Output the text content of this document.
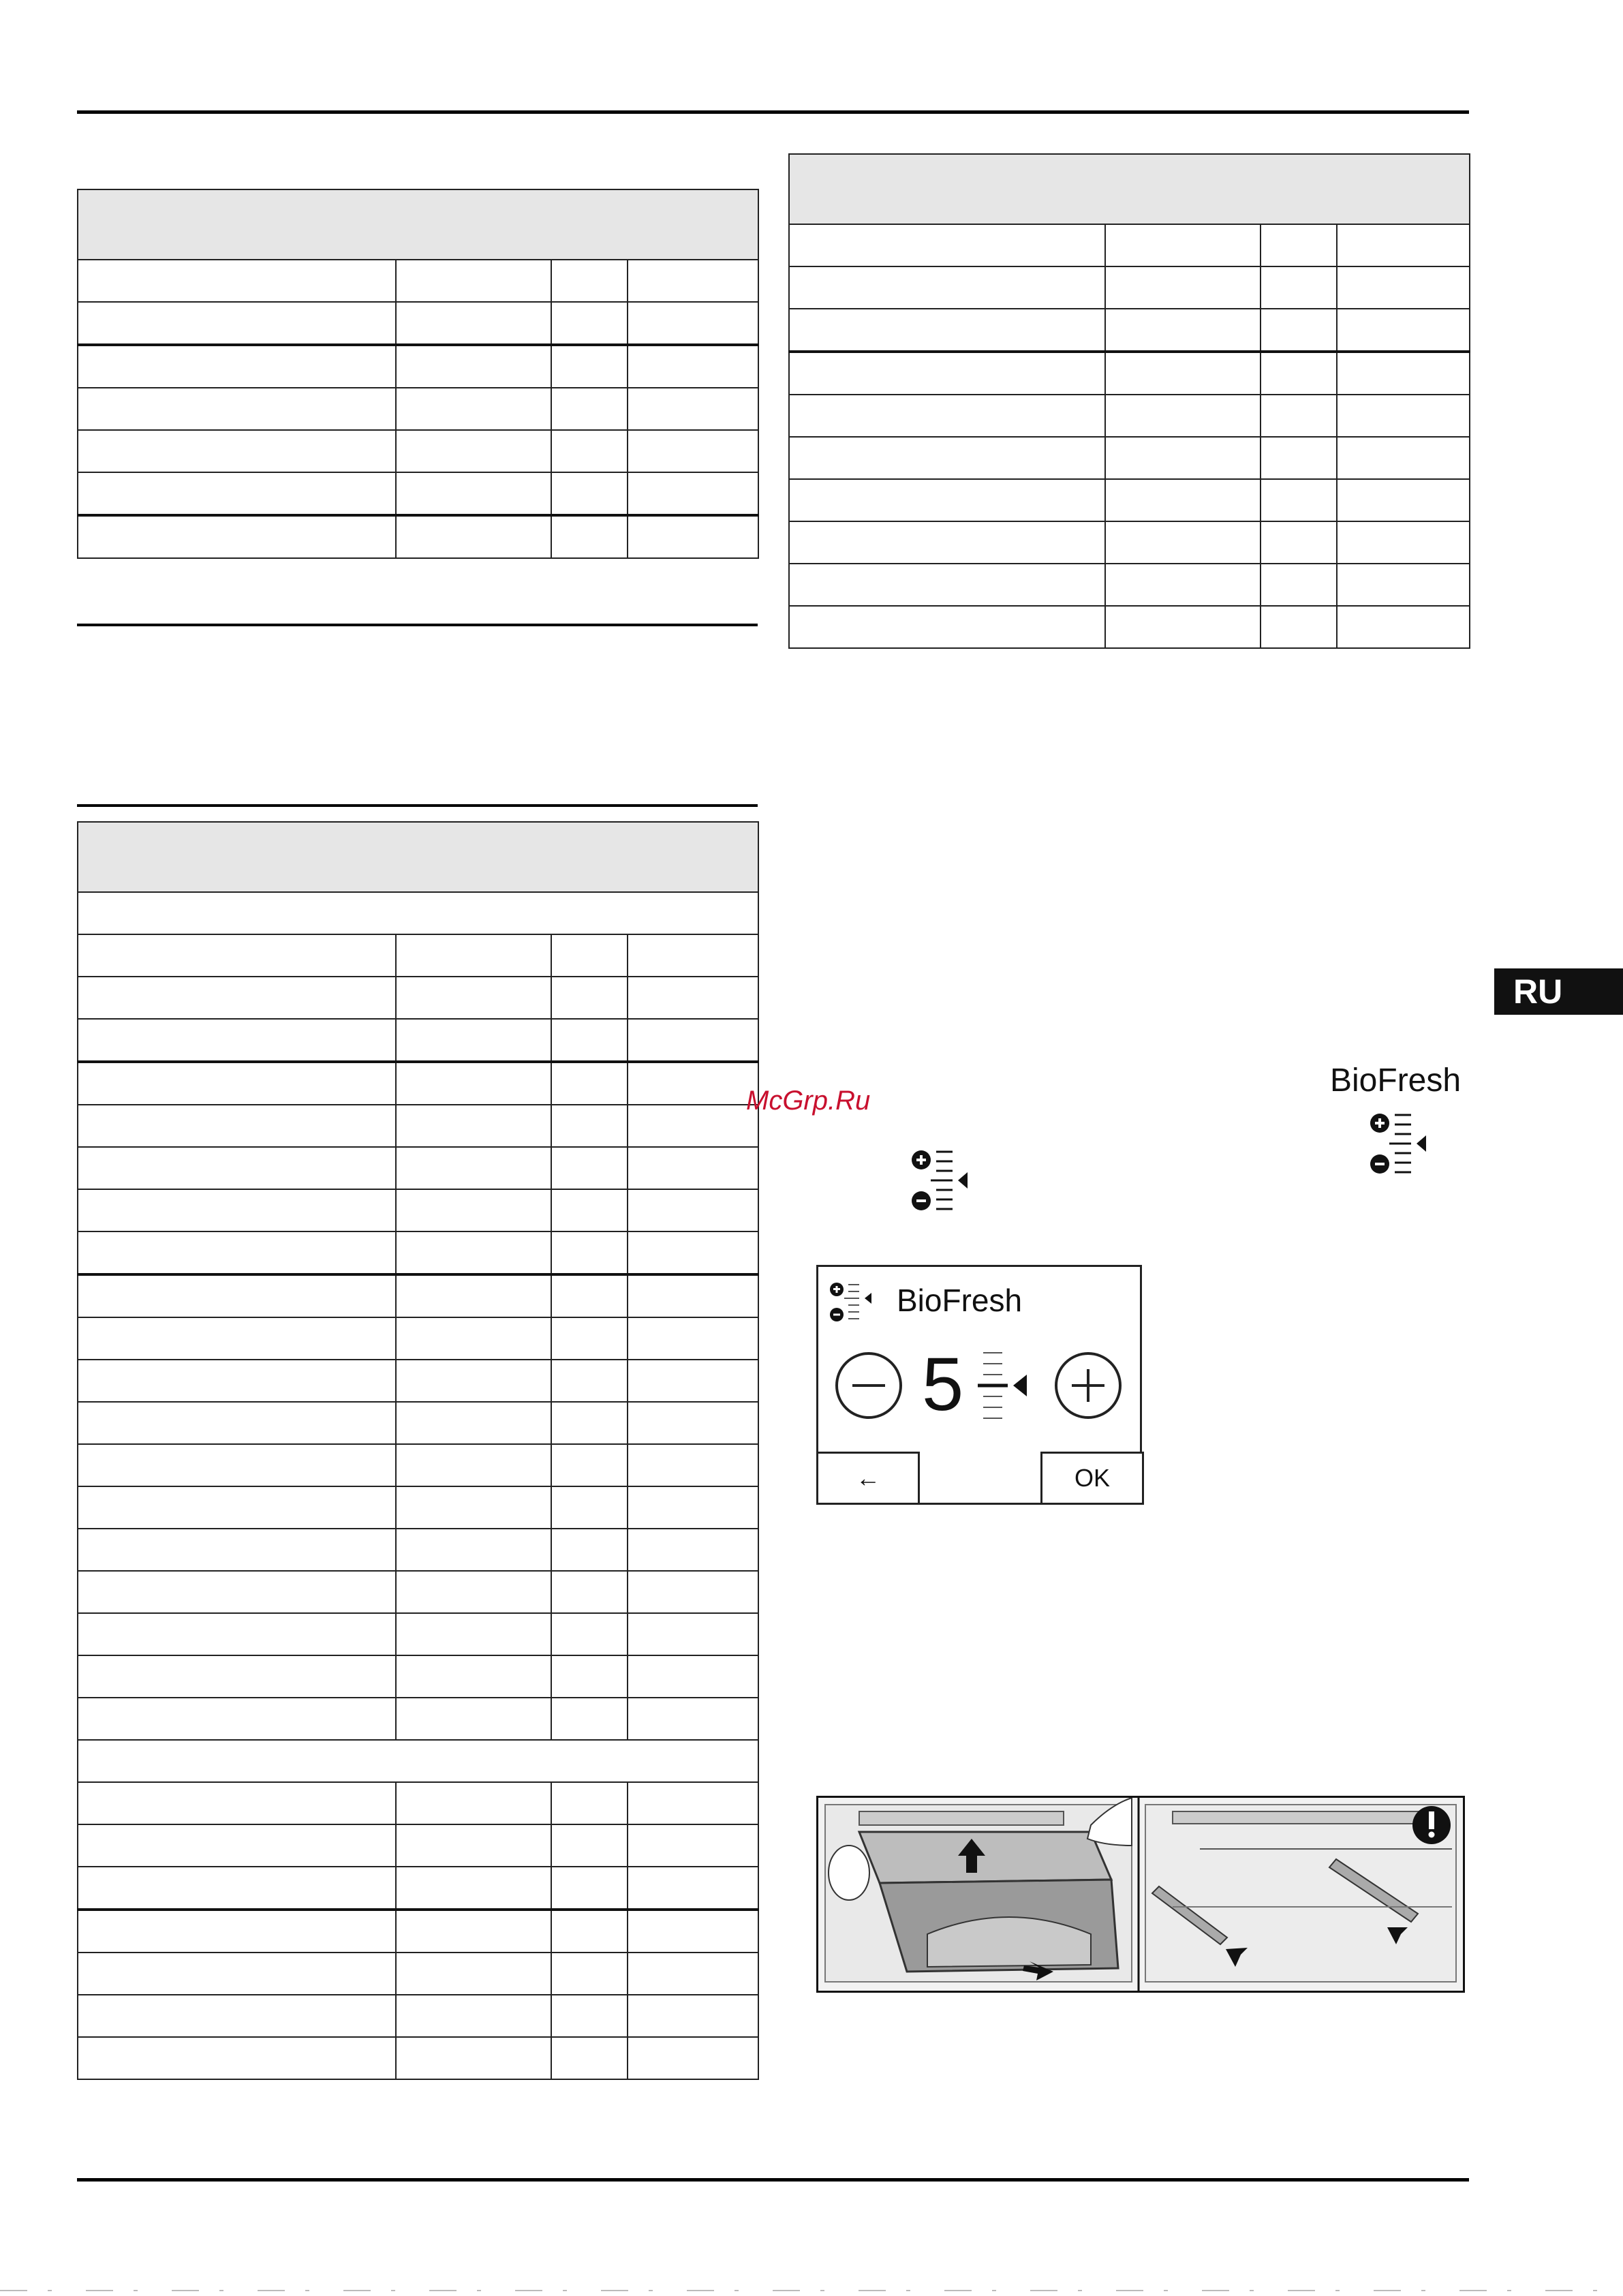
RU
McGrp.Ru
BioFresh
BioFresh
5
←	OK
